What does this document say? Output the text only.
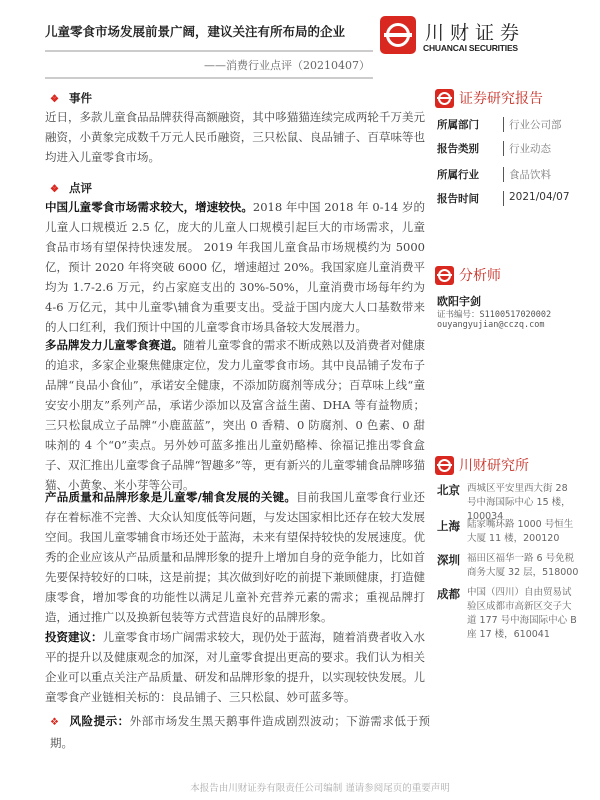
儿童零食市场发展前景广阔，建议关注有所布局的企业
——消费行业点评（20210407）
川财证券
CHUANCAI SECURITIES
❖ 事件
近日，多款儿童食品品牌获得高额融资，其中哆猫猫连续完成两轮千万美元融资，小黄象完成数千万元人民币融资，三只松鼠、良品铺子、百草味等也均进入儿童零食市场。
❖ 点评
中国儿童零食市场需求较大，增速较快。2018 年中国 2018 年 0-14 岁的儿童人口规模近 2.5 亿，庞大的儿童人口规模引起巨大的市场需求，儿童食品市场有望保持快速发展。 2019 年我国儿童食品市场规模约为 5000 亿，预计 2020 年将突破 6000 亿，增速超过 20%。我国家庭儿童消费平均为 1.7-2.6 万元，约占家庭支出的 30%-50%，儿童消费市场每年约为 4-6 万亿元，其中儿童零\辅食为重要支出。受益于国内庞大人口基数带来的人口红利，我们预计中国的儿童零食市场具备较大发展潜力。
多品牌发力儿童零食赛道。随着儿童零食的需求不断成熟以及消费者对健康的追求，多家企业聚焦健康定位，发力儿童零食市场。其中良品铺子发布子品牌“良品小食仙”，承诺安全健康，不添加防腐剂等成分；百草味上线“童安安小朋友”系列产品，承诺少添加以及富含益生菌、DHA 等有益物质；三只松鼠成立子品牌“小鹿蓝蓝”，突出 0 香精、0 防腐剂、0 色素、0 甜味剂的 4 个“0”卖点。另外妙可蓝多推出儿童奶酪棒、徐福记推出零食盒子、双汇推出儿童零食子品牌“智趣多”等，更有新兴的儿童零辅食品牌哆猫猫、小黄象、米小芽等公司。
产品质量和品牌形象是儿童零/辅食发展的关键。目前我国儿童零食行业还存在着标准不完善、大众认知度低等问题，与发达国家相比还存在较大发展空间。我国儿童零辅食市场还处于蓝海，未来有望保持较快的发展速度。优秀的企业应该从产品质量和品牌形象的提升上增加自身的竞争能力，比如首先要保持较好的口味，这是前提；其次做到好吃的前提下兼顾健康，打造健康零食，增加零食的功能性以满足儿童补充营养元素的需求；重视品牌打造，通过推广以及换新包装等方式营造良好的品牌形象。
投资建议：儿童零食市场广阔需求较大，现仍处于蓝海，随着消费者收入水平的提升以及健康观念的加深，对儿童零食提出更高的要求。我们认为相关企业可以重点关注产品质量、研发和品牌形象的提升，以实现较快发展。儿童零食产业链相关标的：良品铺子、三只松鼠、妙可蓝多等。
❖ 风险提示：外部市场发生黑天鹅事件造成剧烈波动；下游需求低于预期。
证券研究报告
所属部门	行业公司部
报告类别	行业动态
所属行业	食品饮料
报告时间	2021/04/07
分析师
欧阳宇剑
证书编号：S1100517020002
ouyangyujian@cczq.com
川财研究所
北京 西城区平安里西大街 28 号中海国际中心 15 楼，100034
上海 陆家嘴环路 1000 号恒生大厦 11 楼，200120
深圳 福田区福华一路 6 号免税商务大厦 32 层，518000
成都 中国（四川）自由贸易试验区成都市高新区交子大道 177 号中海国际中心 B 座 17 楼，610041
本报告由川财证券有限责任公司编制 谨请参阅尾页的重要声明
